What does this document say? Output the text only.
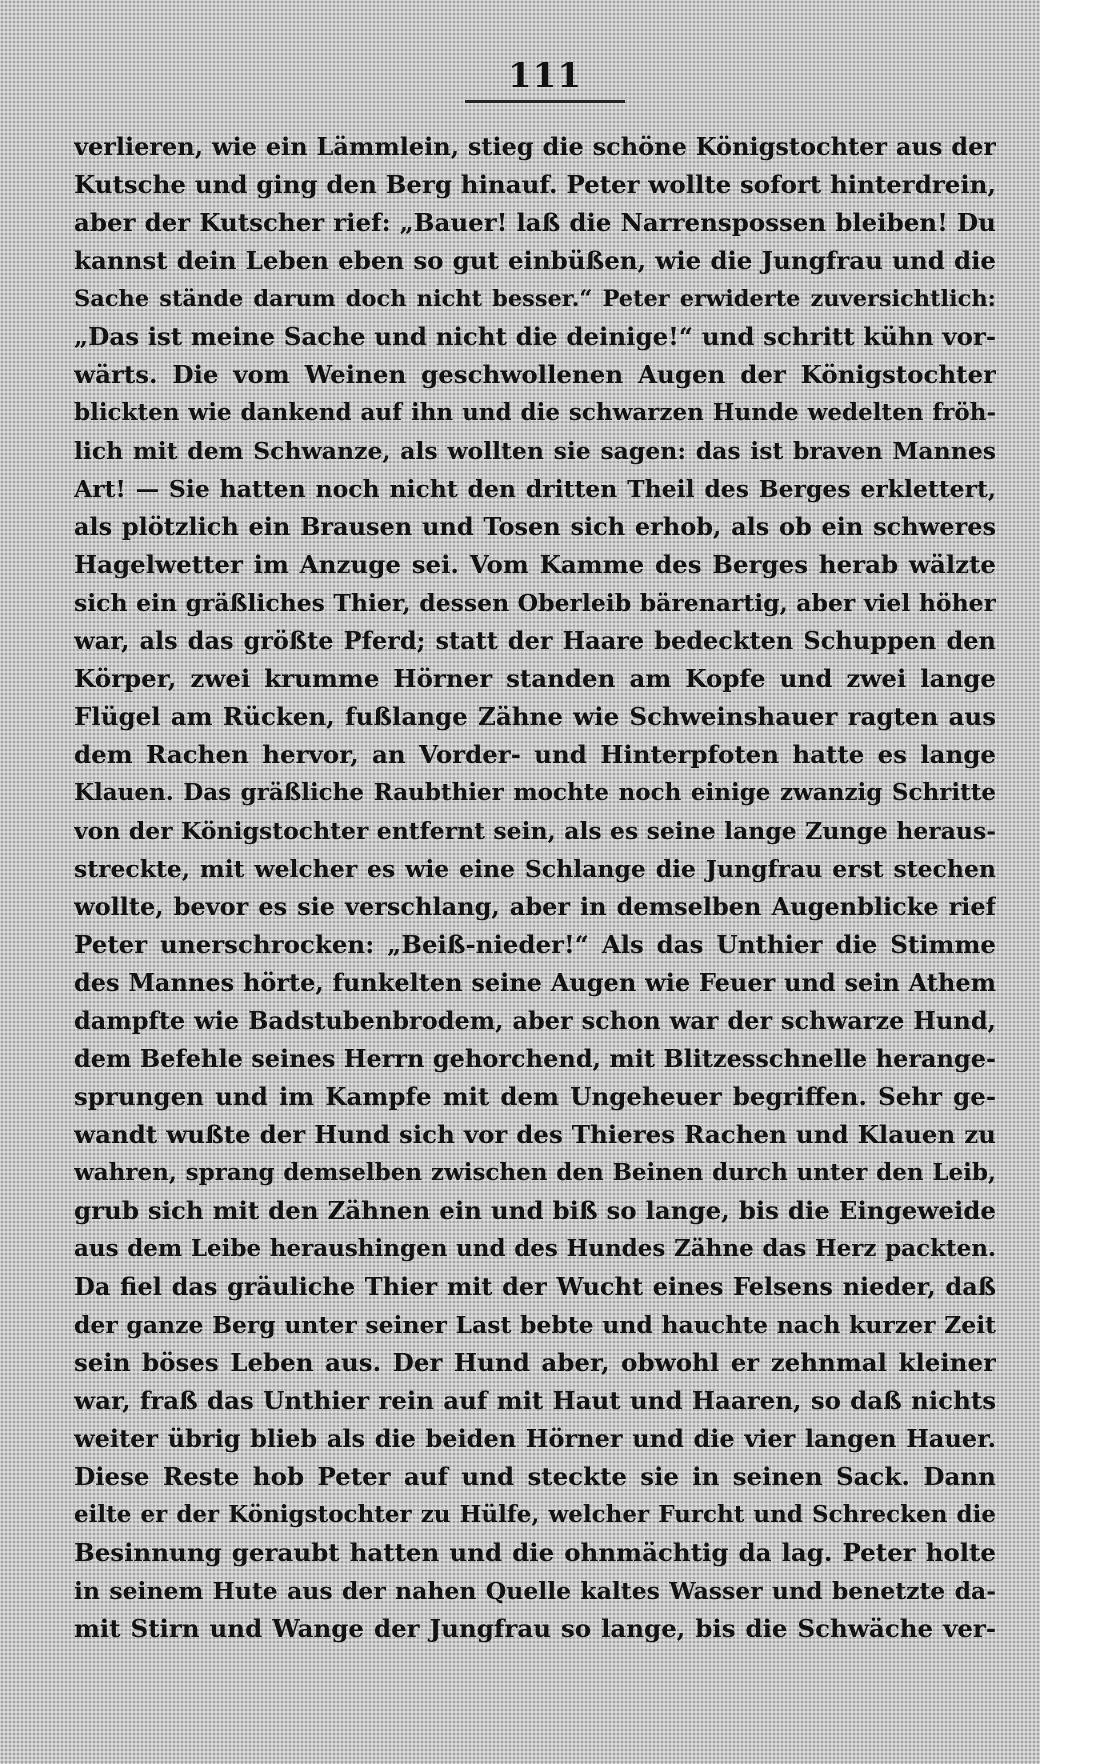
111
verlieren, wie ein Lämmlein, stieg die schöne Königstochter aus der
Kutsche und ging den Berg hinauf. Peter wollte sofort hinterdrein,
aber der Kutscher rief: „Bauer! laß die Narrenspossen bleiben! Du
kannst dein Leben eben so gut einbüßen, wie die Jungfrau und die
Sache stände darum doch nicht besser.“ Peter erwiderte zuversichtlich:
„Das ist meine Sache und nicht die deinige!“ und schritt kühn vor-
wärts. Die vom Weinen geschwollenen Augen der Königstochter
blickten wie dankend auf ihn und die schwarzen Hunde wedelten fröh-
lich mit dem Schwanze, als wollten sie sagen: das ist braven Mannes
Art! — Sie hatten noch nicht den dritten Theil des Berges erklettert,
als plötzlich ein Brausen und Tosen sich erhob, als ob ein schweres
Hagelwetter im Anzuge sei. Vom Kamme des Berges herab wälzte
sich ein gräßliches Thier, dessen Oberleib bärenartig, aber viel höher
war, als das größte Pferd; statt der Haare bedeckten Schuppen den
Körper, zwei krumme Hörner standen am Kopfe und zwei lange
Flügel am Rücken, fußlange Zähne wie Schweinshauer ragten aus
dem Rachen hervor, an Vorder- und Hinterpfoten hatte es lange
Klauen. Das gräßliche Raubthier mochte noch einige zwanzig Schritte
von der Königstochter entfernt sein, als es seine lange Zunge heraus-
streckte, mit welcher es wie eine Schlange die Jungfrau erst stechen
wollte, bevor es sie verschlang, aber in demselben Augenblicke rief
Peter unerschrocken: „Beiß-nieder!“ Als das Unthier die Stimme
des Mannes hörte, funkelten seine Augen wie Feuer und sein Athem
dampfte wie Badstubenbrodem, aber schon war der schwarze Hund,
dem Befehle seines Herrn gehorchend, mit Blitzesschnelle herange-
sprungen und im Kampfe mit dem Ungeheuer begriffen. Sehr ge-
wandt wußte der Hund sich vor des Thieres Rachen und Klauen zu
wahren, sprang demselben zwischen den Beinen durch unter den Leib,
grub sich mit den Zähnen ein und biß so lange, bis die Eingeweide
aus dem Leibe heraushingen und des Hundes Zähne das Herz packten.
Da fiel das gräuliche Thier mit der Wucht eines Felsens nieder, daß
der ganze Berg unter seiner Last bebte und hauchte nach kurzer Zeit
sein böses Leben aus. Der Hund aber, obwohl er zehnmal kleiner
war, fraß das Unthier rein auf mit Haut und Haaren, so daß nichts
weiter übrig blieb als die beiden Hörner und die vier langen Hauer.
Diese Reste hob Peter auf und steckte sie in seinen Sack. Dann
eilte er der Königstochter zu Hülfe, welcher Furcht und Schrecken die
Besinnung geraubt hatten und die ohnmächtig da lag. Peter holte
in seinem Hute aus der nahen Quelle kaltes Wasser und benetzte da-
mit Stirn und Wange der Jungfrau so lange, bis die Schwäche ver-
